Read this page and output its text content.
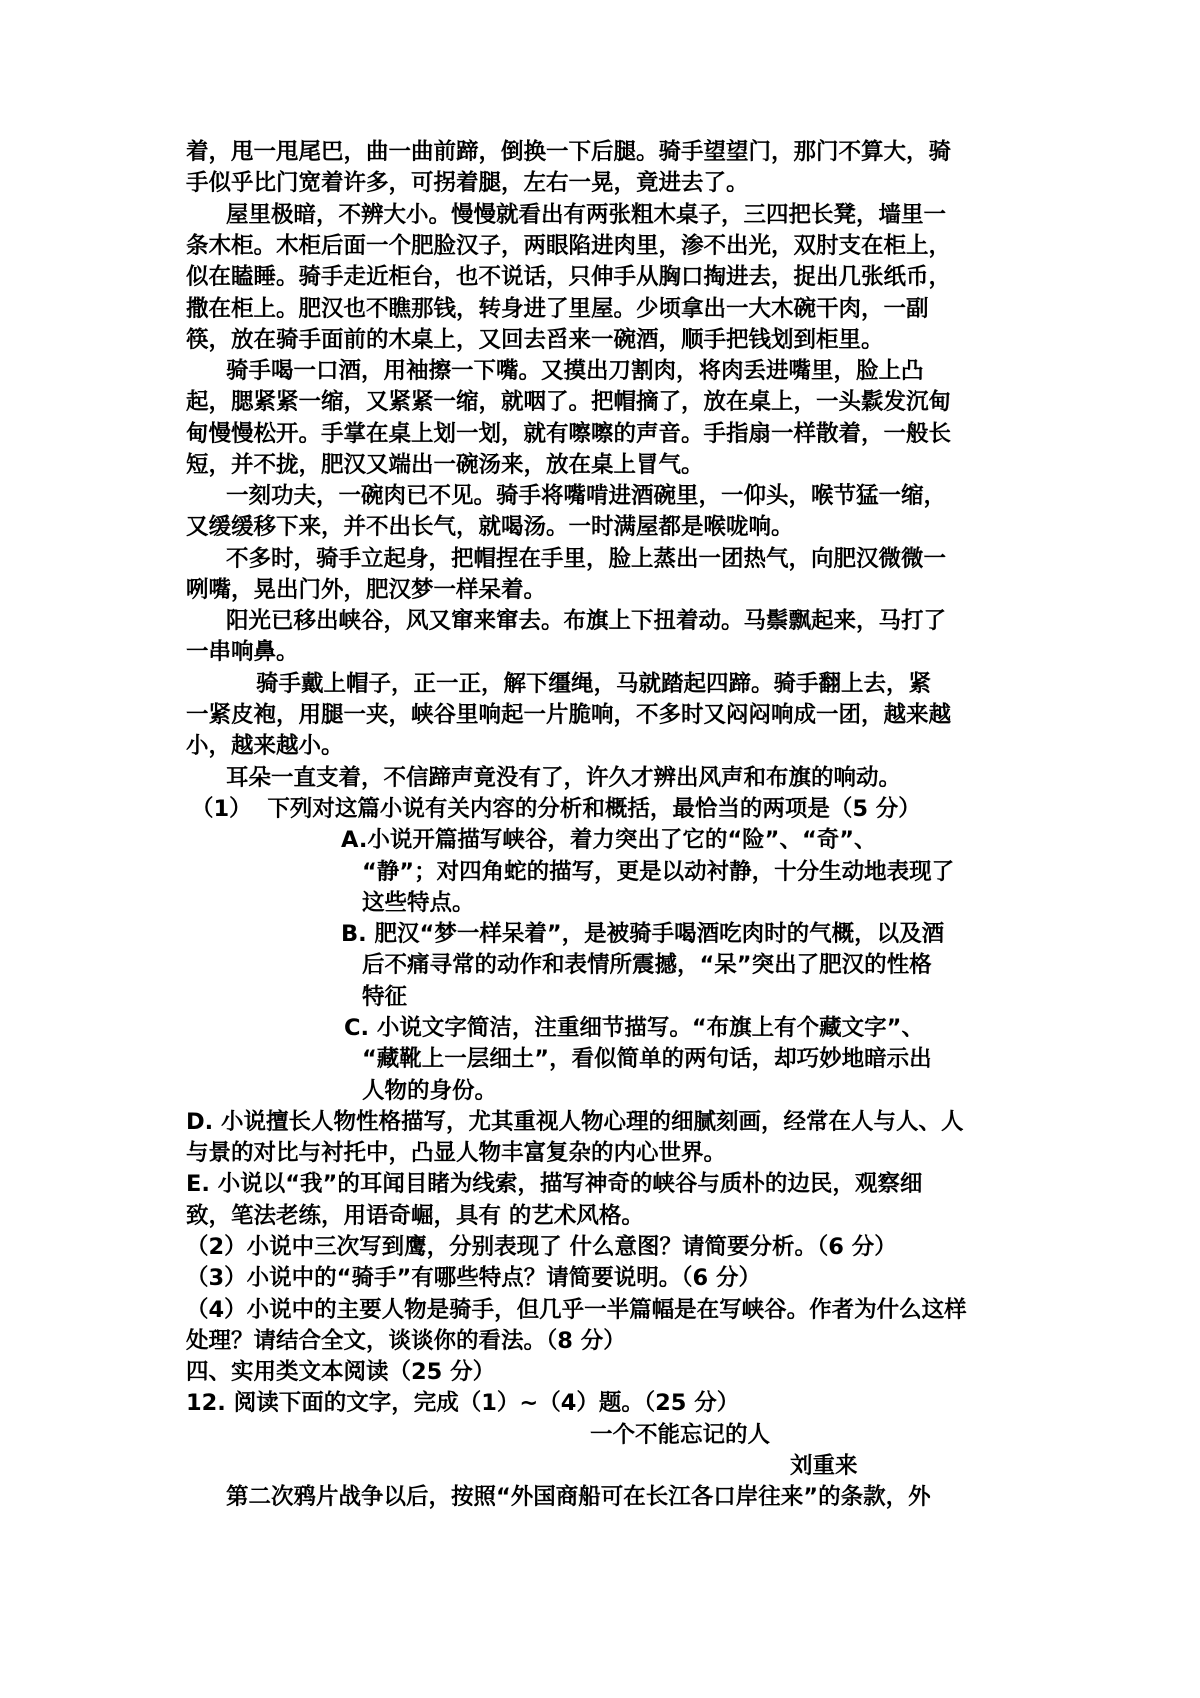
着，甩一甩尾巴，曲一曲前蹄，倒换一下后腿。骑手望望门，那门不算大，骑
手似乎比门宽着许多，可拐着腿，左右一晃，竟进去了。
屋里极暗，不辨大小。慢慢就看出有两张粗木桌子，三四把长凳，墙里一
条木柜。木柜后面一个肥脸汉子，两眼陷进肉里，渗不出光，双肘支在柜上，
似在瞌睡。骑手走近柜台，也不说话，只伸手从胸口掏进去，捉出几张纸币，
撒在柜上。肥汉也不瞧那钱，转身进了里屋。少顷拿出一大木碗干肉，一副
筷，放在骑手面前的木桌上，又回去舀来一碗酒，顺手把钱划到柜里。
骑手喝一口酒，用袖擦一下嘴。又摸出刀割肉，将肉丢进嘴里，脸上凸
起，腮紧紧一缩，又紧紧一缩，就咽了。把帽摘了，放在桌上，一头鬏发沉甸
甸慢慢松开。手掌在桌上划一划，就有嚓嚓的声音。手指扇一样散着，一般长
短，并不拢，肥汉又端出一碗汤来，放在桌上冒气。
一刻功夫，一碗肉已不见。骑手将嘴啃进酒碗里，一仰头，喉节猛一缩，
又缓缓移下来，并不出长气，就喝汤。一时满屋都是喉咙响。
不多时，骑手立起身，把帽捏在手里，脸上蒸出一团热气，向肥汉微微一
咧嘴，晃出门外，肥汉梦一样呆着。
阳光已移出峡谷，风又窜来窜去。布旗上下扭着动。马鬃飘起来，马打了
一串响鼻。
骑手戴上帽子，正一正，解下缰绳，马就踏起四蹄。骑手翻上去，紧
一紧皮袍，用腿一夹，峡谷里响起一片脆响，不多时又闷闷响成一团，越来越
小，越来越小。
耳朵一直支着，不信蹄声竟没有了，许久才辨出风声和布旗的响动。
（1）  下列对这篇小说有关内容的分析和概括，最恰当的两项是（5 分）
A.小说开篇描写峡谷，着力突出了它的“险”、“奇”、
“静”；对四角蛇的描写，更是以动衬静，十分生动地表现了
这些特点。
B. 肥汉“梦一样呆着”，是被骑手喝酒吃肉时的气概，以及酒
后不痛寻常的动作和表情所震撼，“呆”突出了肥汉的性格
特征
C. 小说文字简洁，注重细节描写。“布旗上有个藏文字”、
“藏靴上一层细土”，看似简单的两句话，却巧妙地暗示出
人物的身份。
D. 小说擅长人物性格描写，尤其重视人物心理的细腻刻画，经常在人与人、人
与景的对比与衬托中，凸显人物丰富复杂的内心世界。
E. 小说以“我”的耳闻目睹为线索，描写神奇的峡谷与质朴的边民，观察细
致，笔法老练，用语奇崛，具有 的艺术风格。
（2）小说中三次写到鹰，分别表现了 什么意图？请简要分析。（6 分）
（3）小说中的“骑手”有哪些特点？请简要说明。（6 分）
（4）小说中的主要人物是骑手，但几乎一半篇幅是在写峡谷。作者为什么这样
处理？请结合全文，谈谈你的看法。（8 分）
四、实用类文本阅读（25 分）
12. 阅读下面的文字，完成（1）~（4）题。（25 分）
一个不能忘记的人
刘重来
第二次鸦片战争以后，按照“外国商船可在长江各口岸往来”的条款，外
